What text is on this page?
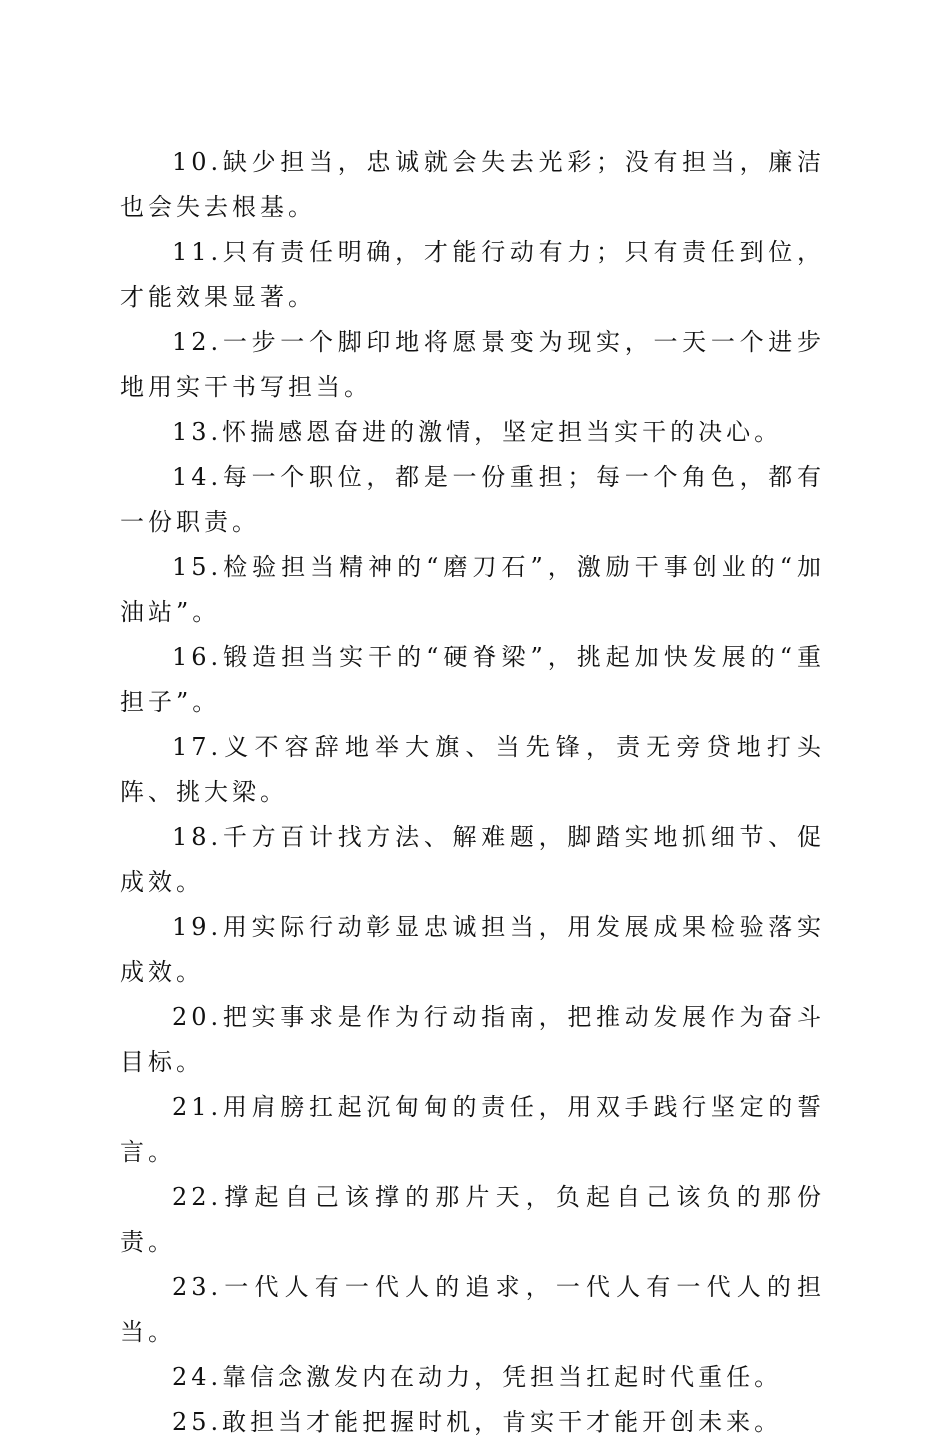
10.缺少担当，忠诚就会失去光彩；没有担当，廉洁也会失去根基。

11.只有责任明确，才能行动有力；只有责任到位，才能效果显著。

12.一步一个脚印地将愿景变为现实，一天一个进步地用实干书写担当。

13.怀揣感恩奋进的激情，坚定担当实干的决心。

14.每一个职位，都是一份重担；每一个角色，都有一份职责。

15.检验担当精神的“磨刀石”，激励干事创业的“加油站”。

16.锻造担当实干的“硬脊梁”，挑起加快发展的“重担子”。

17.义不容辞地举大旗、当先锋，责无旁贷地打头阵、挑大梁。

18.千方百计找方法、解难题，脚踏实地抓细节、促成效。

19.用实际行动彰显忠诚担当，用发展成果检验落实成效。

20.把实事求是作为行动指南，把推动发展作为奋斗目标。

21.用肩膀扛起沉甸甸的责任，用双手践行坚定的誓言。

22.撑起自己该撑的那片天，负起自己该负的那份责。

23.一代人有一代人的追求，一代人有一代人的担当。

24.靠信念激发内在动力，凭担当扛起时代重任。

25.敢担当才能把握时机，肯实干才能开创未来。
